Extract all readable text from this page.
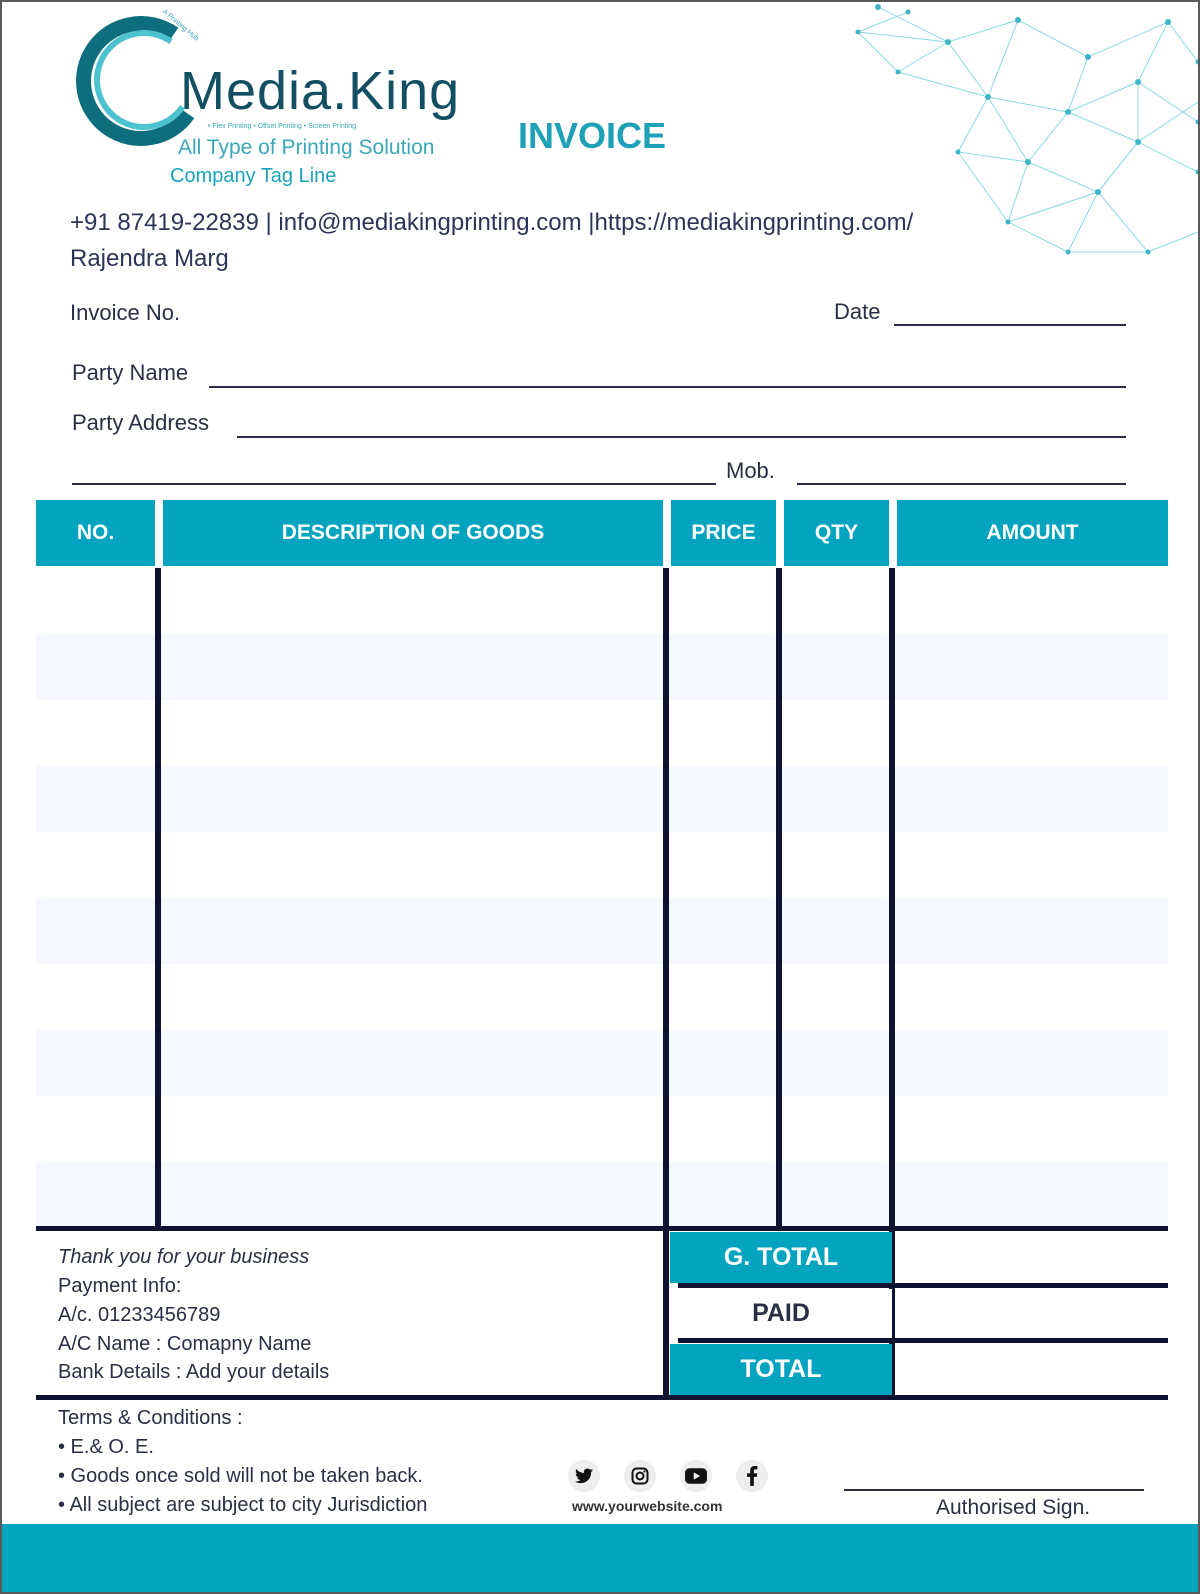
A Printing Hub
Media.King
• Flex Printing • Offset Printing • Screen Printing
All Type of Printing Solution
Company Tag Line
INVOICE
+91 87419-22839 | info@mediakingprinting.com |https://mediakingprinting.com/
Rajendra Marg
Invoice No.	Date
Party Name
Party Address
Mob.
NO.	DESCRIPTION OF GOODS	PRICE	QTY	AMOUNT
G. TOTAL
PAID
TOTAL
Thank you for your business
Payment Info:
A/c. 01233456789
A/C Name : Comapny Name
Bank Details : Add your details
Terms & Conditions :
• E.& O. E.
• Goods once sold will not be taken back.
• All subject are subject to city Jurisdiction	www.yourwebsite.com	Authorised Sign.
